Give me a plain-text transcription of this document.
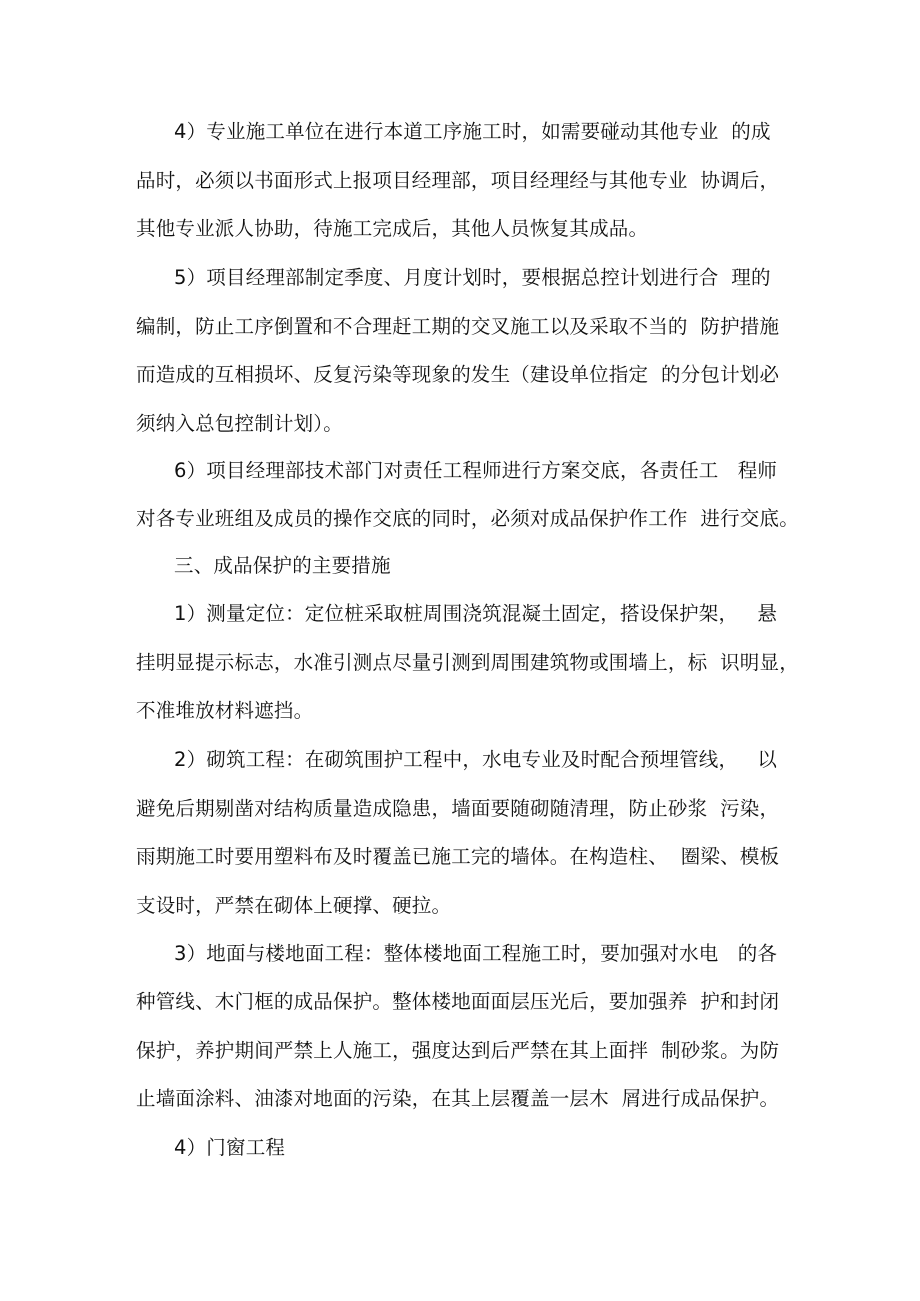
4）专业施工单位在进行本道工序施工时，如需要碰动其他专业  的成
品时，必须以书面形式上报项目经理部，项目经理经与其他专业  协调后，
其他专业派人协助，待施工完成后，其他人员恢复其成品。
5）项目经理部制定季度、月度计划时，要根据总控计划进行合  理的
编制，防止工序倒置和不合理赶工期的交叉施工以及采取不当的  防护措施
而造成的互相损坏、反复污染等现象的发生（建设单位指定  的分包计划必
须纳入总包控制计划）。
6）项目经理部技术部门对责任工程师进行方案交底，各责任工   程师
对各专业班组及成员的操作交底的同时，必须对成品保护作工作  进行交底。
三、成品保护的主要措施
1）测量定位：定位桩采取桩周围浇筑混凝土固定，搭设保护架，   悬
挂明显提示标志，水准引测点尽量引测到周围建筑物或围墙上，标  识明显，
不准堆放材料遮挡。
2）砌筑工程：在砌筑围护工程中，水电专业及时配合预埋管线，   以
避免后期剔凿对结构质量造成隐患，墙面要随砌随清理，防止砂浆  污染，
雨期施工时要用塑料布及时覆盖已施工完的墙体。在构造柱、  圈梁、模板
支设时，严禁在砌体上硬撑、硬拉。
3）地面与楼地面工程：整体楼地面工程施工时，要加强对水电   的各
种管线、木门框的成品保护。整体楼地面面层压光后，要加强养  护和封闭
保护，养护期间严禁上人施工，强度达到后严禁在其上面拌  制砂浆。为防
止墙面涂料、油漆对地面的污染，在其上层覆盖一层木  屑进行成品保护。
4）门窗工程
